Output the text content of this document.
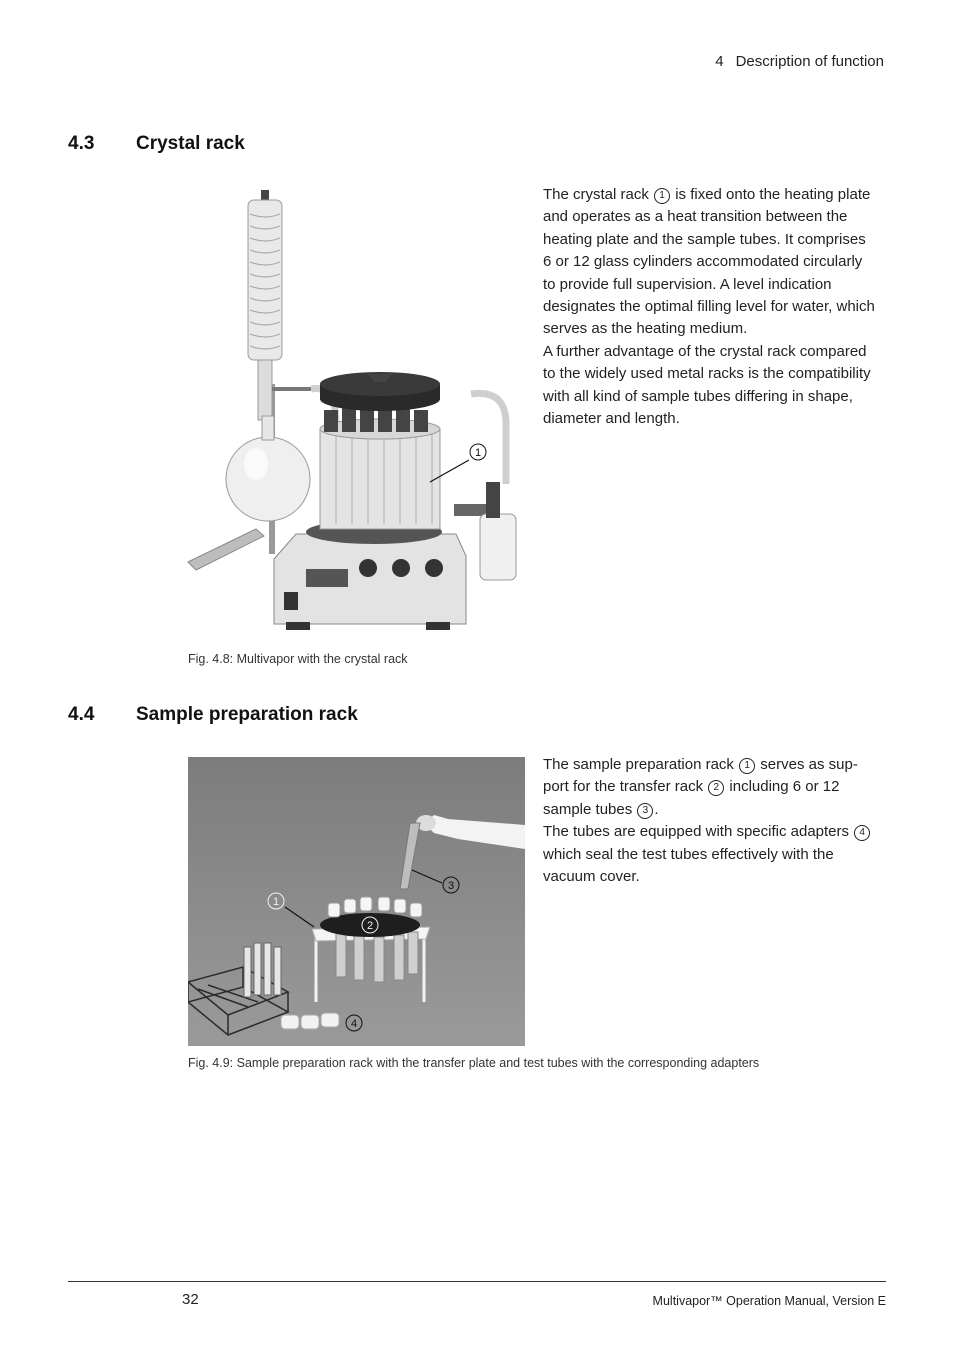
4 Description of function
4.3 Crystal rack
1
The crystal rack 1 is fixed onto the heating plate and operates as a heat transition between the heating plate and the sample tubes. It comprises 6 or 12 glass cylinders accommodated circularly to provide full supervision. A level indication designates the optimal filling level for water, which serves as the heating medium.
A further advantage of the crystal rack compared to the widely used metal racks is the compatibility with all kind of sample tubes differing in shape, diameter and length.
Fig. 4.8: Multivapor with the crystal rack
4.4 Sample preparation rack
3
1
2
4
The sample preparation rack 1 serves as support for the transfer rack 2 including 6 or 12 sample tubes 3 .
The tubes are equipped with specific adapters 4 which seal the test tubes effectively with the vacuum cover.
Fig. 4.9: Sample preparation rack with the transfer plate and test tubes with the corresponding adapters
32	Multivapor™ Operation Manual, Version E
